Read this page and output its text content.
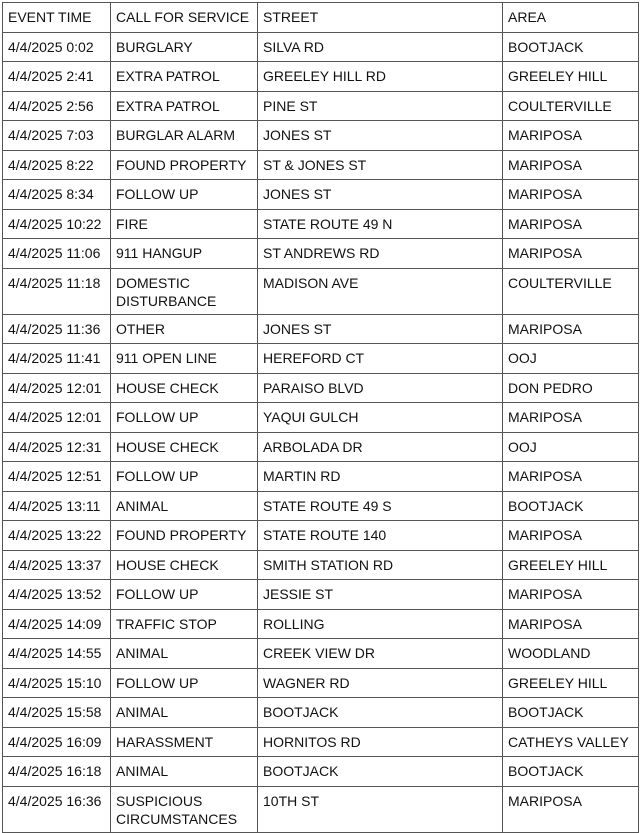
EVENT TIME	CALL FOR SERVICE	STREET	AREA
4/4/2025 0:02	BURGLARY	SILVA RD	BOOTJACK
4/4/2025 2:41	EXTRA PATROL	GREELEY HILL RD	GREELEY HILL
4/4/2025 2:56	EXTRA PATROL	PINE ST	COULTERVILLE
4/4/2025 7:03	BURGLAR ALARM	JONES ST	MARIPOSA
4/4/2025 8:22	FOUND PROPERTY	ST & JONES ST	MARIPOSA
4/4/2025 8:34	FOLLOW UP	JONES ST	MARIPOSA
4/4/2025 10:22	FIRE	STATE ROUTE 49 N	MARIPOSA
4/4/2025 11:06	911 HANGUP	ST ANDREWS RD	MARIPOSA
4/4/2025 11:18	DOMESTIC
DISTURBANCE	MADISON AVE	COULTERVILLE
4/4/2025 11:36	OTHER	JONES ST	MARIPOSA
4/4/2025 11:41	911 OPEN LINE	HEREFORD CT	OOJ
4/4/2025 12:01	HOUSE CHECK	PARAISO BLVD	DON PEDRO
4/4/2025 12:01	FOLLOW UP	YAQUI GULCH	MARIPOSA
4/4/2025 12:31	HOUSE CHECK	ARBOLADA DR	OOJ
4/4/2025 12:51	FOLLOW UP	MARTIN RD	MARIPOSA
4/4/2025 13:11	ANIMAL	STATE ROUTE 49 S	BOOTJACK
4/4/2025 13:22	FOUND PROPERTY	STATE ROUTE 140	MARIPOSA
4/4/2025 13:37	HOUSE CHECK	SMITH STATION RD	GREELEY HILL
4/4/2025 13:52	FOLLOW UP	JESSIE ST	MARIPOSA
4/4/2025 14:09	TRAFFIC STOP	ROLLING	MARIPOSA
4/4/2025 14:55	ANIMAL	CREEK VIEW DR	WOODLAND
4/4/2025 15:10	FOLLOW UP	WAGNER RD	GREELEY HILL
4/4/2025 15:58	ANIMAL	BOOTJACK	BOOTJACK
4/4/2025 16:09	HARASSMENT	HORNITOS RD	CATHEYS VALLEY
4/4/2025 16:18	ANIMAL	BOOTJACK	BOOTJACK
4/4/2025 16:36	SUSPICIOUS
CIRCUMSTANCES	10TH ST	MARIPOSA
